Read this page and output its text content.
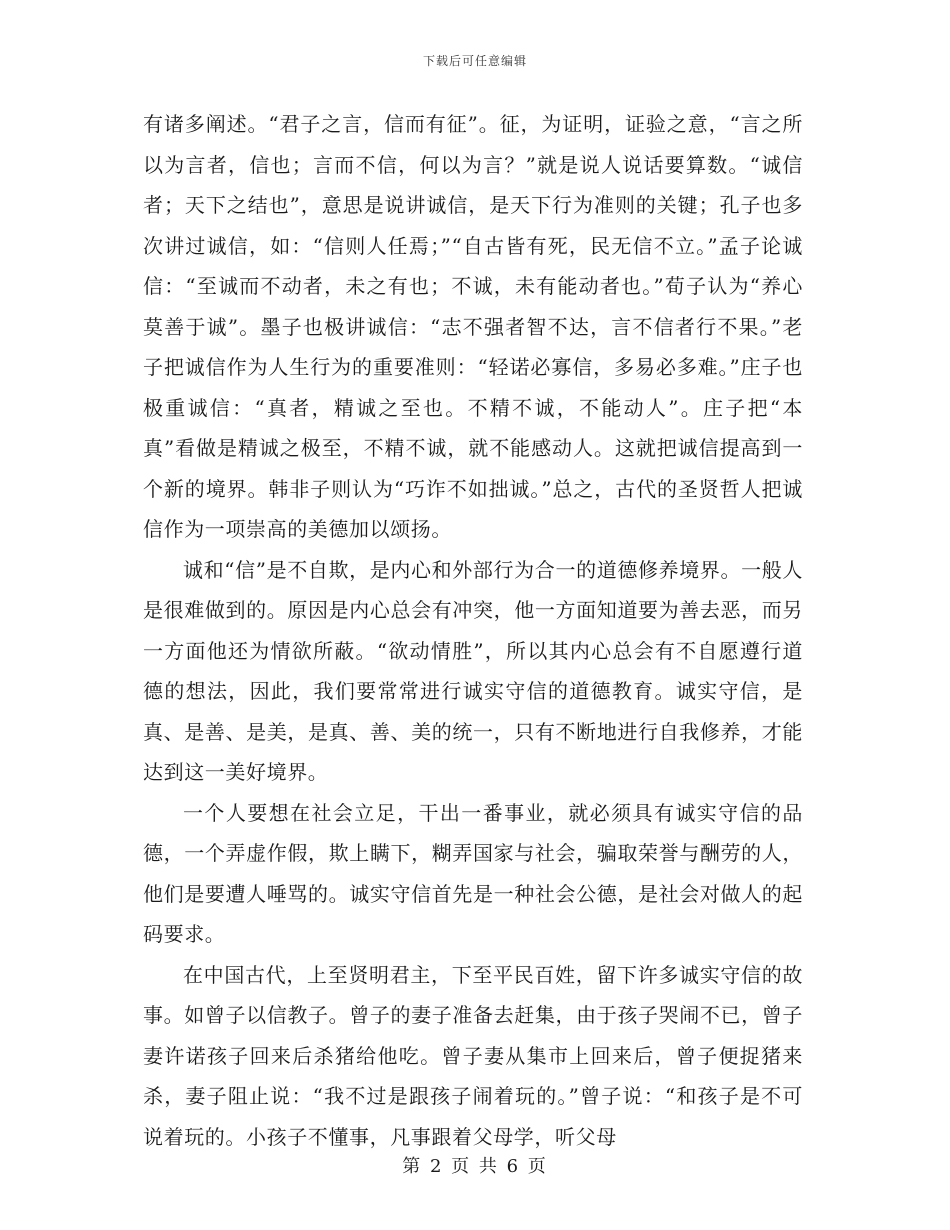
下载后可任意编辑

有诸多阐述。“君子之言，信而有征”。征，为证明，证验之意，“言之所以为言者，信也；言而不信，何以为言？”就是说人说话要算数。“诚信者；天下之结也”，意思是说讲诚信，是天下行为准则的关键；孔子也多次讲过诚信，如：“信则人任焉；”“自古皆有死，民无信不立。”孟子论诚信：“至诚而不动者，未之有也；不诚，未有能动者也。”荀子认为“养心莫善于诚”。墨子也极讲诚信：“志不强者智不达，言不信者行不果。”老子把诚信作为人生行为的重要准则：“轻诺必寡信，多易必多难。”庄子也极重诚信：“真者，精诚之至也。不精不诚，不能动人”。庄子把“本真”看做是精诚之极至，不精不诚，就不能感动人。这就把诚信提高到一个新的境界。韩非子则认为“巧诈不如拙诚。”总之，古代的圣贤哲人把诚信作为一项崇高的美德加以颂扬。

诚和“信”是不自欺，是内心和外部行为合一的道德修养境界。一般人是很难做到的。原因是内心总会有冲突，他一方面知道要为善去恶，而另一方面他还为情欲所蔽。“欲动情胜”，所以其内心总会有不自愿遵行道德的想法，因此，我们要常常进行诚实守信的道德教育。诚实守信，是真、是善、是美，是真、善、美的统一，只有不断地进行自我修养，才能达到这一美好境界。

一个人要想在社会立足，干出一番事业，就必须具有诚实守信的品德，一个弄虚作假，欺上瞒下，糊弄国家与社会，骗取荣誉与酬劳的人，他们是要遭人唾骂的。诚实守信首先是一种社会公德，是社会对做人的起码要求。

在中国古代，上至贤明君主，下至平民百姓，留下许多诚实守信的故事。如曾子以信教子。曾子的妻子准备去赶集，由于孩子哭闹不已，曾子妻许诺孩子回来后杀猪给他吃。曾子妻从集市上回来后，曾子便捉猪来杀，妻子阻止说：“我不过是跟孩子闹着玩的。”曾子说：“和孩子是不可说着玩的。小孩子不懂事，凡事跟着父母学，听父母

第 2 页 共 6 页
